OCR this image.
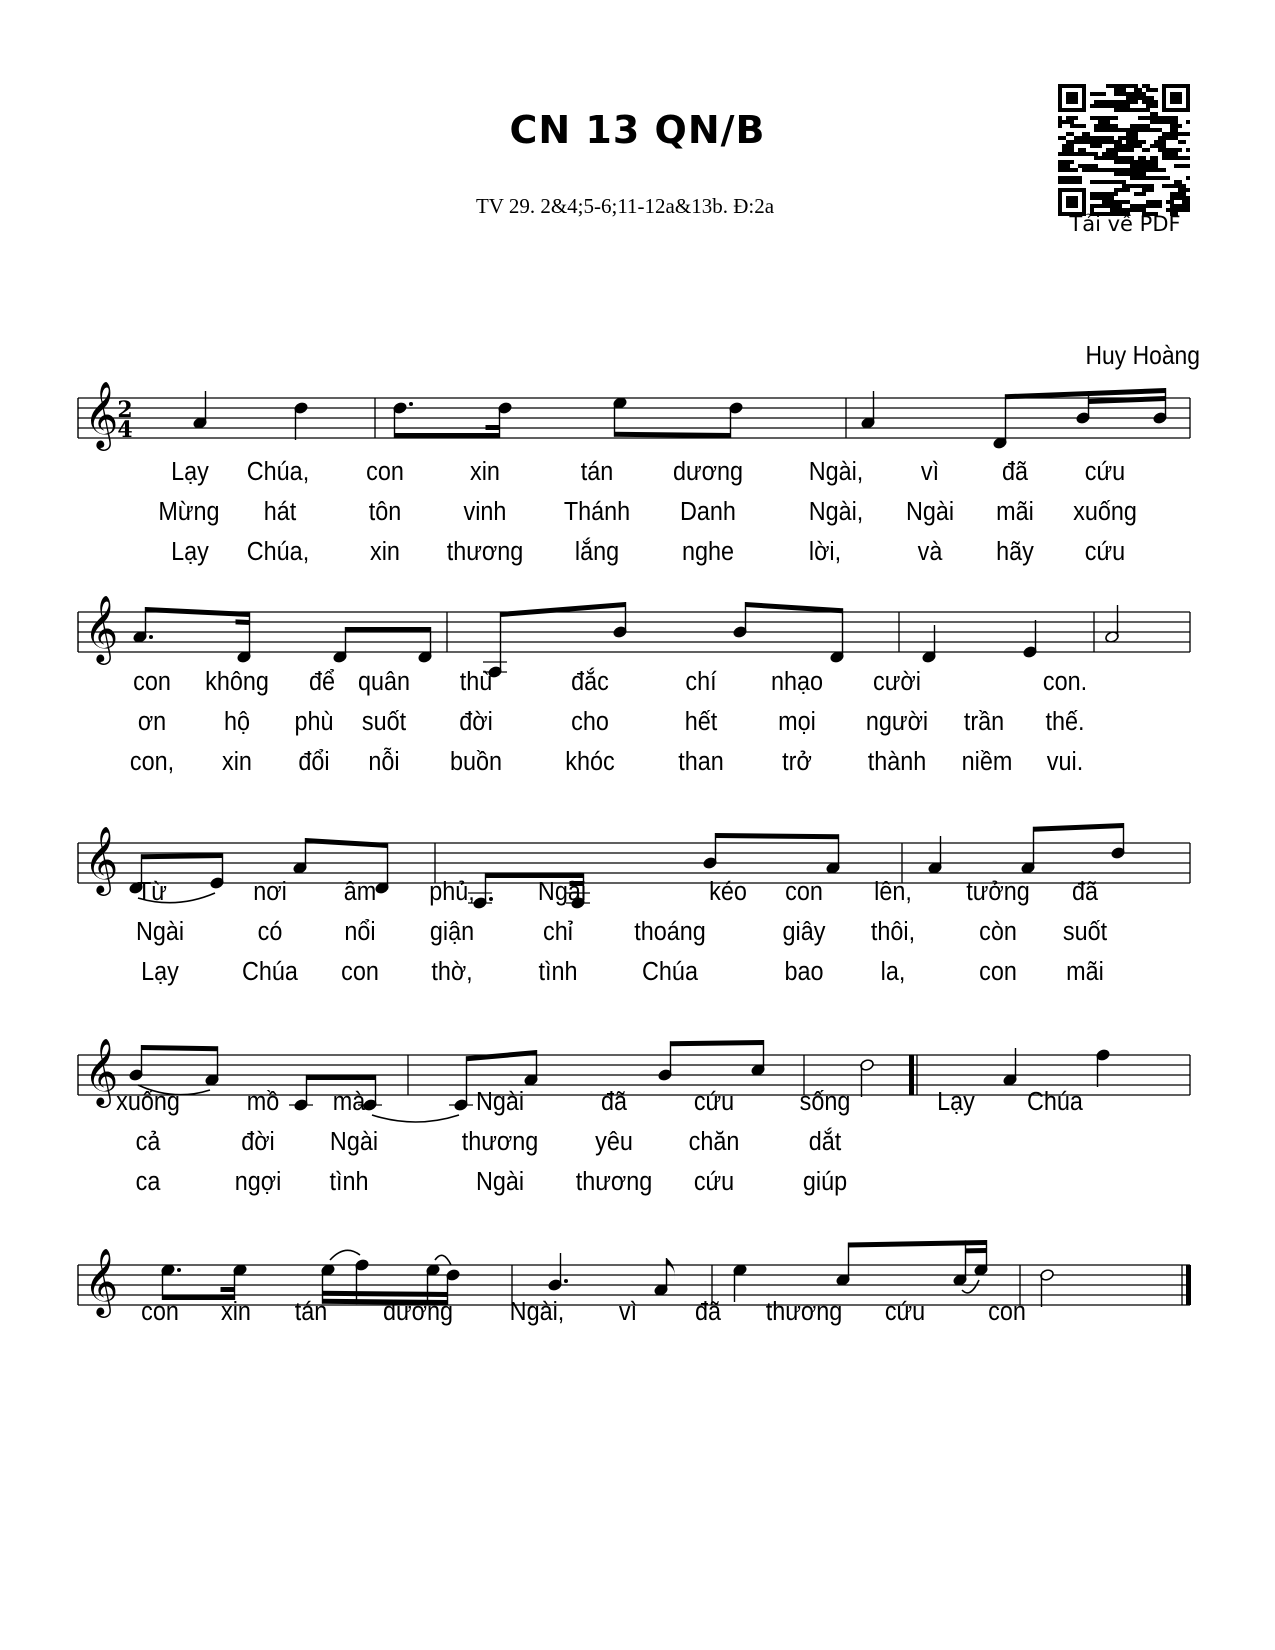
CN 13 QN/B
TV 29. 2&4;5-6;11-12a&13b. Đ:2a
Tải về PDF
Huy Hoàng
𝄞 2
4
Lạy Chúa, con	xin	tán dương	Ngài, vì đã cứu
Mừng hát	tôn vinh Thánh Danh	Ngài, Ngài mãi xuống
Lạy Chúa, xin thương lắng nghe	lời,	và hãy cứu
𝄞
con không để quân thù	đắc	chí nhạo cười	con.
ơn hộ phù suốt đời	cho	hết mọi người trần thế.
con, xin đổi nỗi buồn khóc than trở thành niềm vui.
𝄞 Từ	nơi âm phủ, Ngài	kéo con lên, tưởng đã
Ngài	có nổi giận	chỉ thoáng	giây thôi, còn suốt
Lạy Chúa con thờ,	tình Chúa	bao la,	con mãi
𝄞
xuống	mồ mà	Ngài	đã	cứu	sống	Lạy Chúa
cả	đời Ngài	thương yêu chăn	dắt
ca	ngợi tình	Ngài thương cứu	giúp
𝄞 con xin tán dương Ngài, vì đã thương cứu con
